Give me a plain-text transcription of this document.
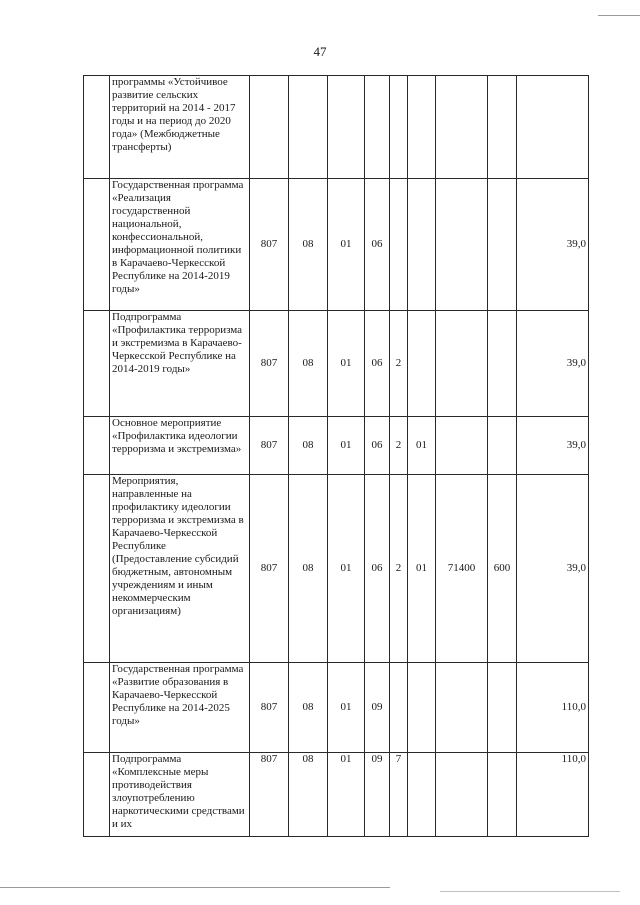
47
	программы «Устойчивое развитие сельских территорий на 2014 - 2017 годы и на период до 2020 года» (Межбюджетные трансферты)									
	Государственная программа «Реализация государственной национальной, конфессиональной, информационной политики в Карачаево-Черкесской Республике на 2014-2019 годы»	807	08	01	06					39,0
	Подпрограмма «Профилактика терроризма и экстремизма в Карачаево-Черкесской Республике на 2014-2019 годы»	807	08	01	06	2				39,0
	Основное мероприятие «Профилактика идеологии терроризма и экстремизма»	807	08	01	06	2	01			39,0
	Мероприятия, направленные на профилактику идеологии терроризма и экстремизма в Карачаево-Черкесской Республике (Предоставление субсидий бюджетным, автономным учреждениям и иным некоммерческим организациям)	807	08	01	06	2	01	71400	600	39,0
	Государственная программа «Развитие образования в Карачаево-Черкесской Республике на 2014-2025 годы»	807	08	01	09					110,0
	Подпрограмма «Комплексные меры противодействия злоупотреблению наркотическими средствами и их	807	08	01	09	7				110,0
